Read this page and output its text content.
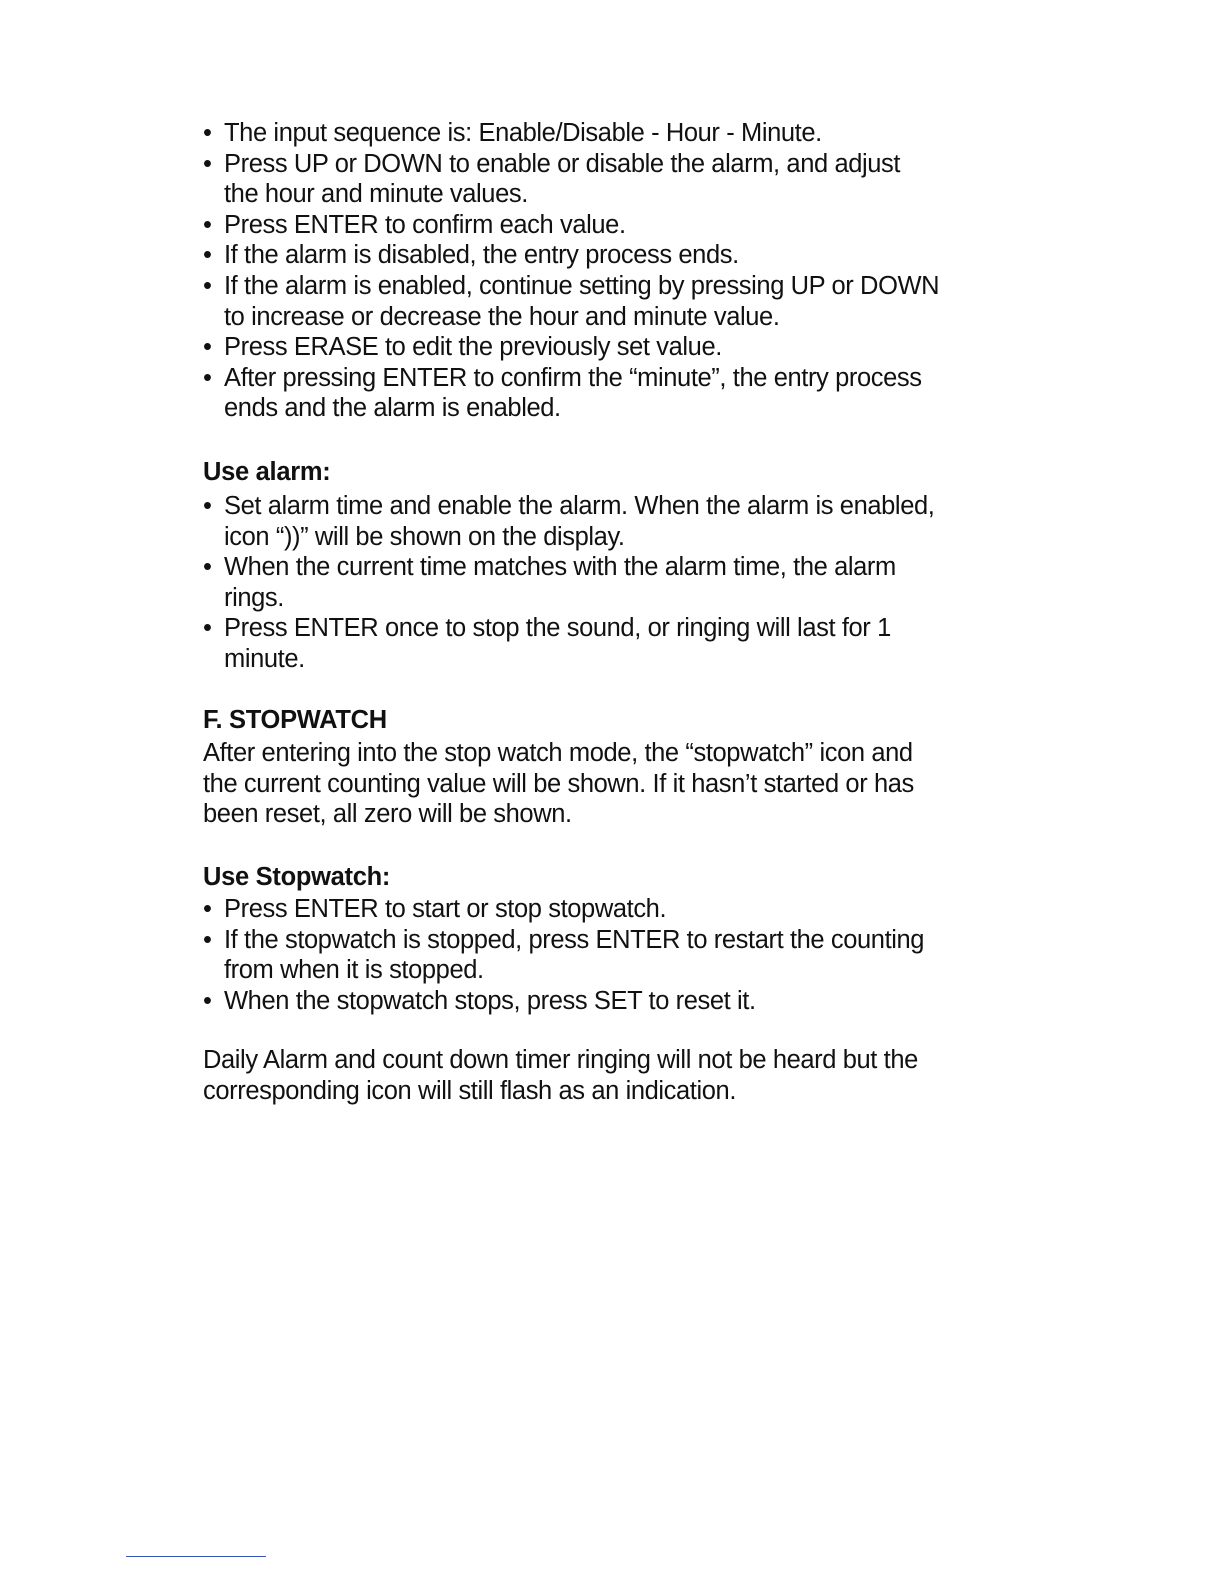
• The input sequence is: Enable/Disable - Hour - Minute.
• Press UP or DOWN to enable or disable the alarm, and adjust
the hour and minute values.
• Press ENTER to confirm each value.
• If the alarm is disabled, the entry process ends.
• If the alarm is enabled, continue setting by pressing UP or DOWN
to increase or decrease the hour and minute value.
• Press ERASE to edit the previously set value.
• After pressing ENTER to confirm the “minute”, the entry process
ends and the alarm is enabled.
Use alarm:
• Set alarm time and enable the alarm. When the alarm is enabled,
icon “))” will be shown on the display.
• When the current time matches with the alarm time, the alarm
rings.
• Press ENTER once to stop the sound, or ringing will last for 1
minute.
F. STOPWATCH
After entering into the stop watch mode, the “stopwatch” icon and
the current counting value will be shown. If it hasn’t started or has
been reset, all zero will be shown.
Use Stopwatch:
• Press ENTER to start or stop stopwatch.
• If the stopwatch is stopped, press ENTER to restart the counting
from when it is stopped.
• When the stopwatch stops, press SET to reset it.
Daily Alarm and count down timer ringing will not be heard but the
corresponding icon will still flash as an indication.
